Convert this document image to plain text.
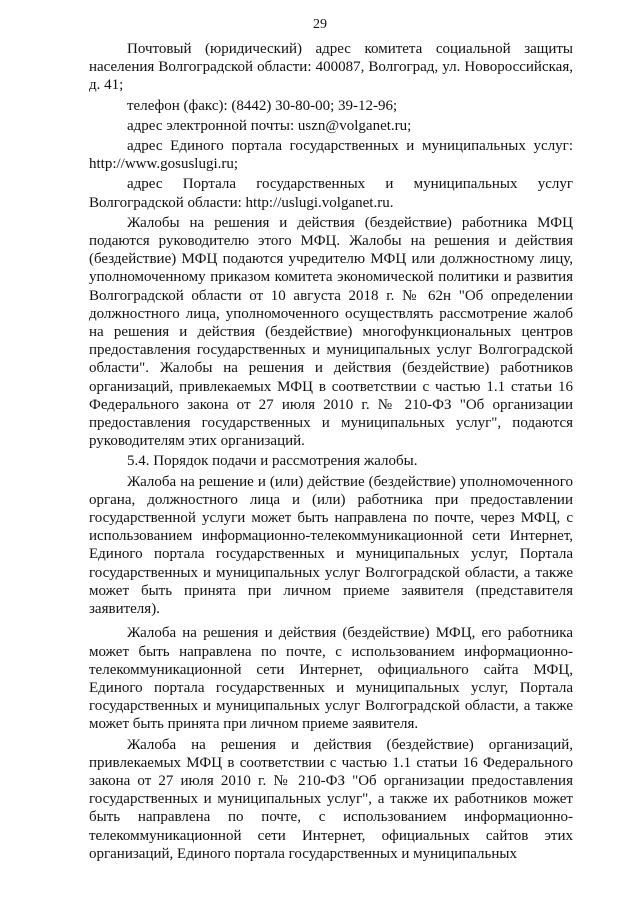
29

Почтовый (юридический) адрес комитета социальной защиты населения Волгоградской области: 400087, Волгоград, ул. Новороссийская, д. 41;

телефон (факс): (8442) 30-80-00; 39-12-96;

адрес электронной почты: uszn@volganet.ru;

адрес Единого портала государственных и муниципальных услуг: http://www.gosuslugi.ru;

адрес Портала государственных и муниципальных услуг Волгоградской области: http://uslugi.volganet.ru.

Жалобы на решения и действия (бездействие) работника МФЦ подаются руководителю этого МФЦ. Жалобы на решения и действия (бездействие) МФЦ подаются учредителю МФЦ или должностному лицу, уполномоченному приказом комитета экономической политики и развития Волгоградской области от 10 августа 2018 г. № 62н "Об определении должностного лица, уполномоченного осуществлять рассмотрение жалоб на решения и действия (бездействие) многофункциональных центров предоставления государственных и муниципальных услуг Волгоградской области". Жалобы на решения и действия (бездействие) работников организаций, привлекаемых МФЦ в соответствии с частью 1.1 статьи 16 Федерального закона от 27 июля 2010 г. № 210-ФЗ "Об организации предоставления государственных и муниципальных услуг", подаются руководителям этих организаций.

5.4. Порядок подачи и рассмотрения жалобы.

Жалоба на решение и (или) действие (бездействие) уполномоченного органа, должностного лица и (или) работника при предоставлении государственной услуги может быть направлена по почте, через МФЦ, с использованием информационно-телекоммуникационной сети Интернет, Единого портала государственных и муниципальных услуг, Портала государственных и муниципальных услуг Волгоградской области, а также может быть принята при личном приеме заявителя (представителя заявителя).

Жалоба на решения и действия (бездействие) МФЦ, его работника может быть направлена по почте, с использованием информационно-телекоммуникационной сети Интернет, официального сайта МФЦ, Единого портала государственных и муниципальных услуг, Портала государственных и муниципальных услуг Волгоградской области, а также может быть принята при личном приеме заявителя.

Жалоба на решения и действия (бездействие) организаций, привлекаемых МФЦ в соответствии с частью 1.1 статьи 16 Федерального закона от 27 июля 2010 г. № 210-ФЗ "Об организации предоставления государственных и муниципальных услуг", а также их работников может быть направлена по почте, с использованием информационно-телекоммуникационной сети Интернет, официальных сайтов этих организаций, Единого портала государственных и муниципальных
